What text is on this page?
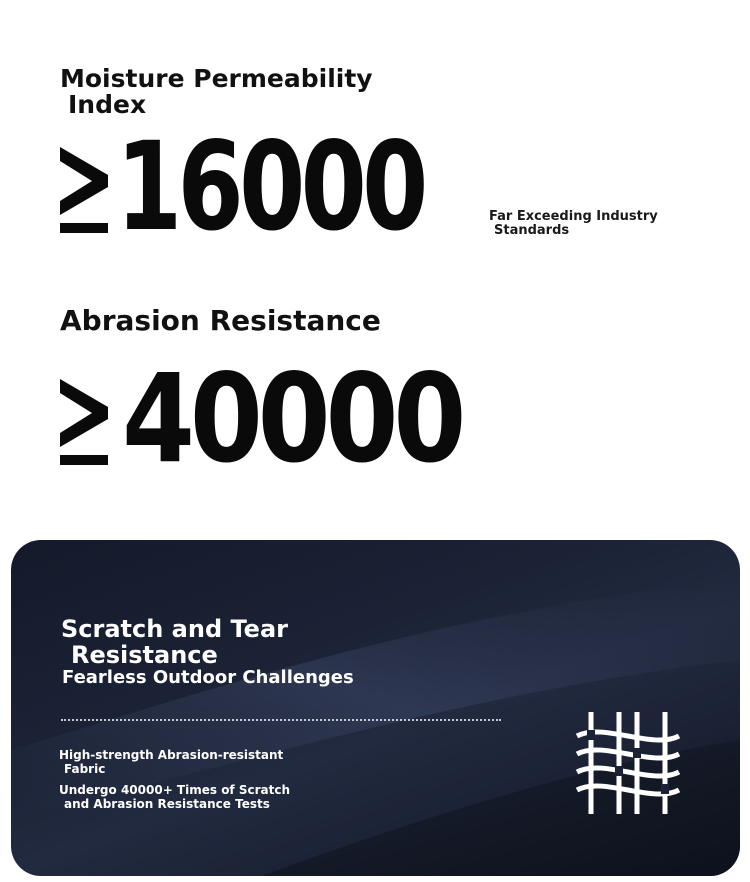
Moisture Permeability
Index
16000	Far Exceeding Industry

Standards
Abrasion Resistance
40000
Scratch and Tear

Resistance
Fearless Outdoor Challenges
High-strength Abrasion-resistant

Fabric
Undergo 40000+ Times of Scratch

and Abrasion Resistance Tests
